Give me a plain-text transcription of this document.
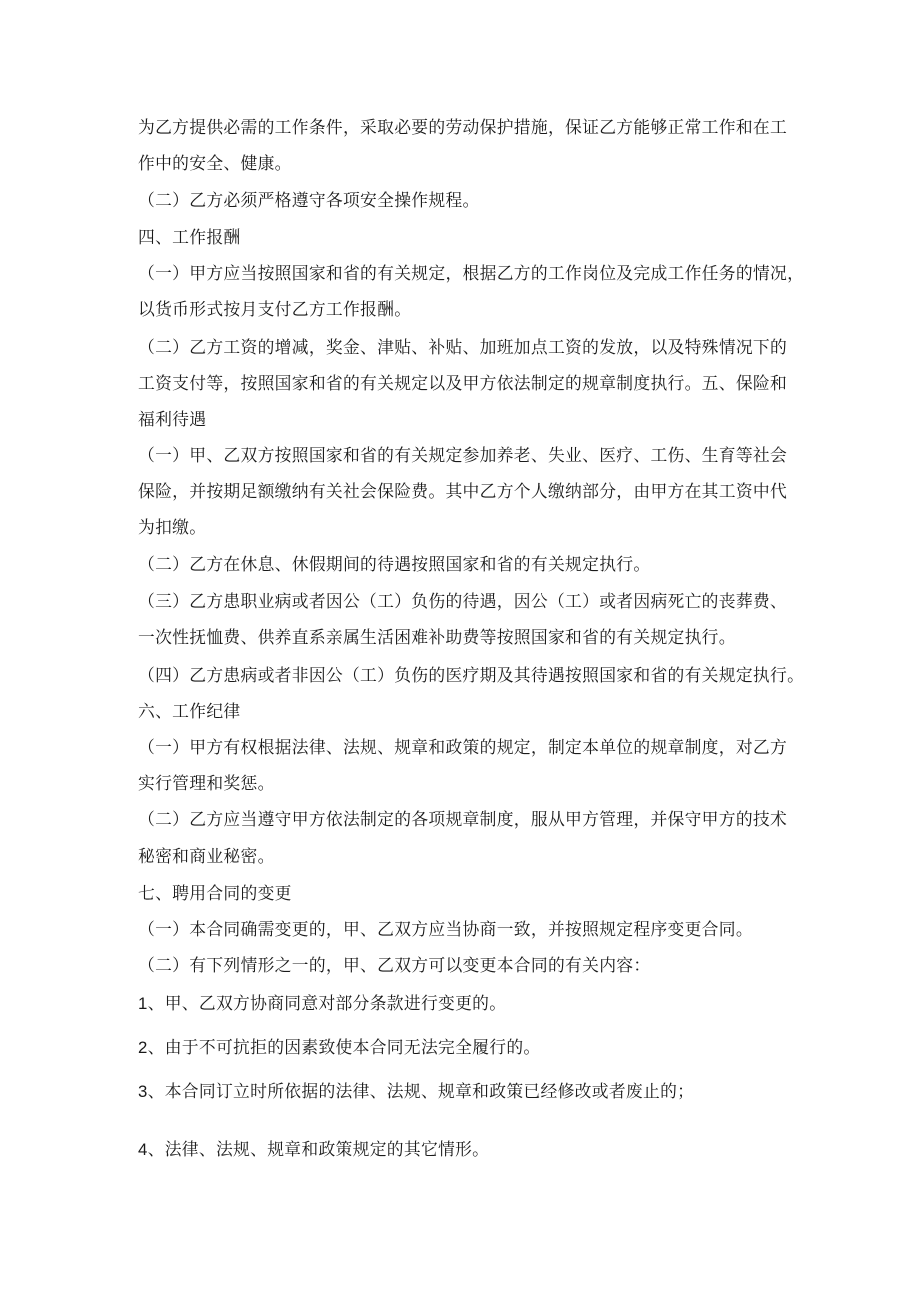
为乙方提供必需的工作条件，采取必要的劳动保护措施，保证乙方能够正常工作和在工
作中的安全、健康。
（二）乙方必须严格遵守各项安全操作规程。
四、工作报酬
（一）甲方应当按照国家和省的有关规定，根据乙方的工作岗位及完成工作任务的情况，
以货币形式按月支付乙方工作报酬。
（二）乙方工资的增减，奖金、津贴、补贴、加班加点工资的发放，以及特殊情况下的
工资支付等，按照国家和省的有关规定以及甲方依法制定的规章制度执行。五、保险和
福利待遇
（一）甲、乙双方按照国家和省的有关规定参加养老、失业、医疗、工伤、生育等社会
保险，并按期足额缴纳有关社会保险费。其中乙方个人缴纳部分，由甲方在其工资中代
为扣缴。
（二）乙方在休息、休假期间的待遇按照国家和省的有关规定执行。
（三）乙方患职业病或者因公（工）负伤的待遇，因公（工）或者因病死亡的丧葬费、
一次性抚恤费、供养直系亲属生活困难补助费等按照国家和省的有关规定执行。
（四）乙方患病或者非因公（工）负伤的医疗期及其待遇按照国家和省的有关规定执行。
六、工作纪律
（一）甲方有权根据法律、法规、规章和政策的规定，制定本单位的规章制度，对乙方
实行管理和奖惩。
（二）乙方应当遵守甲方依法制定的各项规章制度，服从甲方管理，并保守甲方的技术
秘密和商业秘密。
七、聘用合同的变更
（一）本合同确需变更的，甲、乙双方应当协商一致，并按照规定程序变更合同。
（二）有下列情形之一的，甲、乙双方可以变更本合同的有关内容：
1、甲、乙双方协商同意对部分条款进行变更的。
2、由于不可抗拒的因素致使本合同无法完全履行的。
3、本合同订立时所依据的法律、法规、规章和政策已经修改或者废止的；
4、法律、法规、规章和政策规定的其它情形。
